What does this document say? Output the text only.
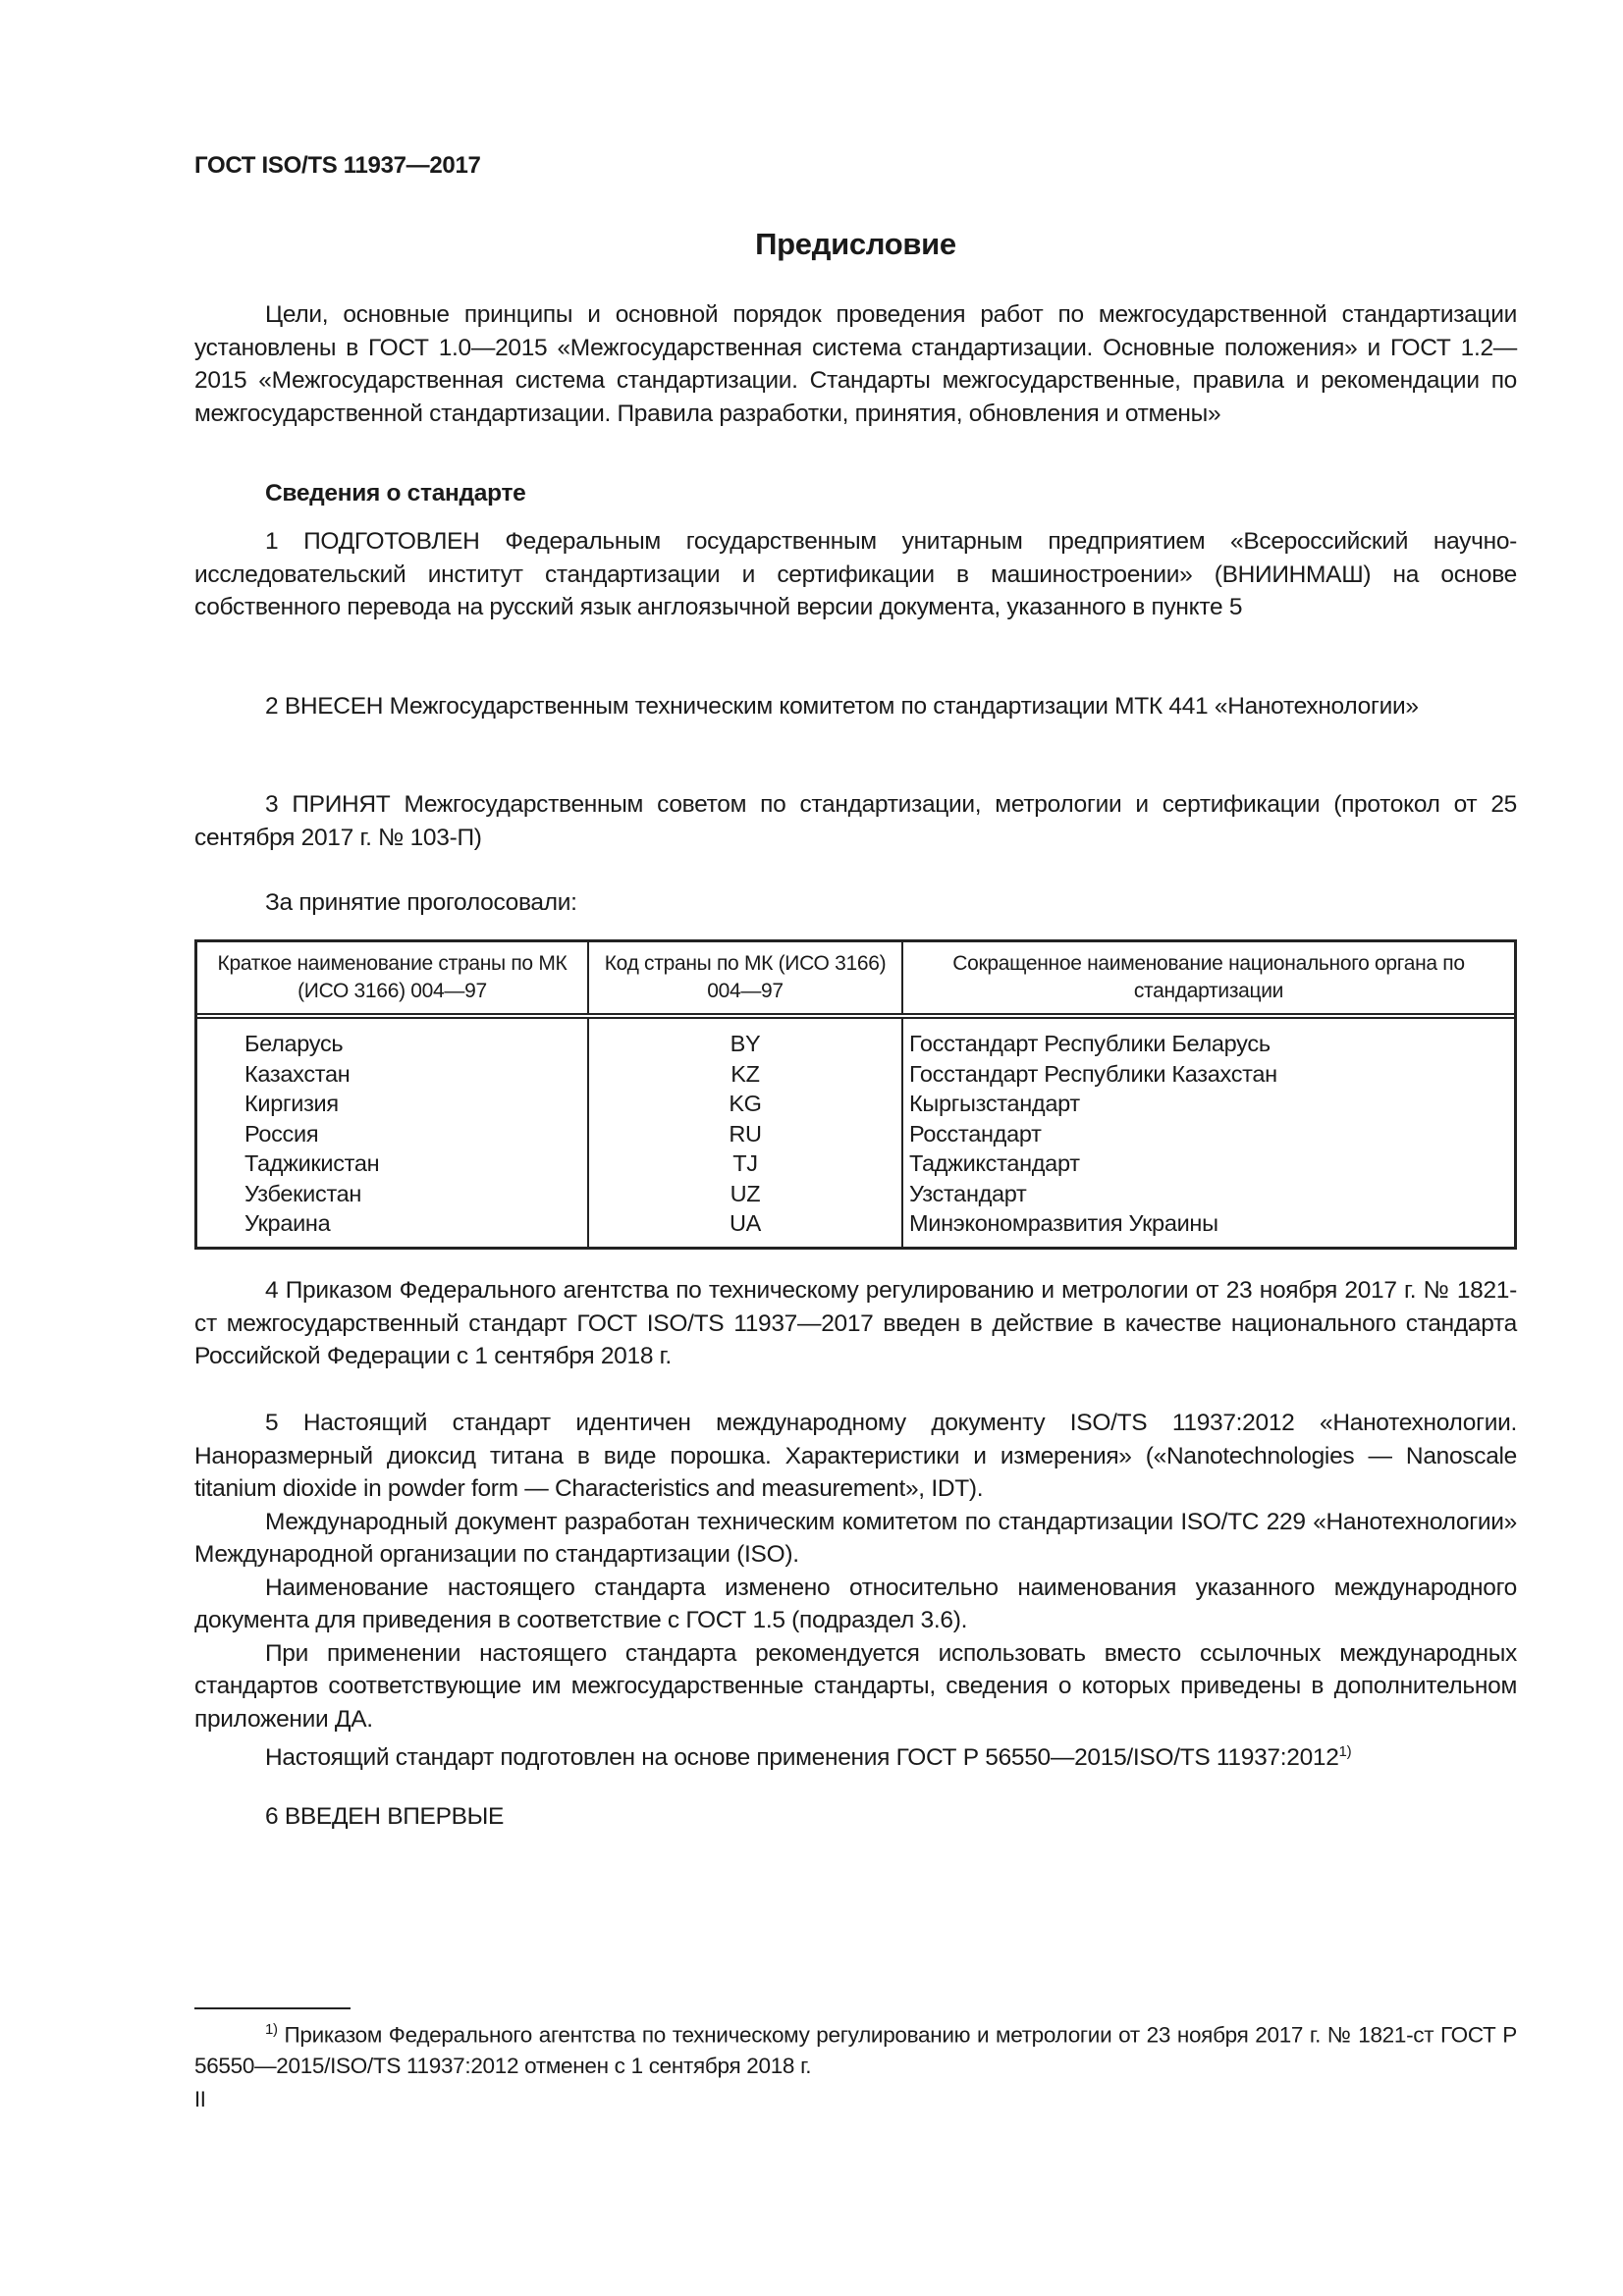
ГОСТ ISO/TS 11937—2017
Предисловие

Цели, основные принципы и основной порядок проведения работ по межгосударственной стандартизации установлены в ГОСТ 1.0—2015 «Межгосударственная система стандартизации. Основные положения» и ГОСТ 1.2—2015 «Межгосударственная система стандартизации. Стандарты межгосударственные, правила и рекомендации по межгосударственной стандартизации. Правила разработки, принятия, обновления и отмены»

Сведения о стандарте

1 ПОДГОТОВЛЕН Федеральным государственным унитарным предприятием «Всероссийский научно-исследовательский институт стандартизации и сертификации в машиностроении» (ВНИИНМАШ) на основе собственного перевода на русский язык англоязычной версии документа, указанного в пункте 5

2 ВНЕСЕН Межгосударственным техническим комитетом по стандартизации МТК 441 «Нанотехнологии»

3 ПРИНЯТ Межгосударственным советом по стандартизации, метрологии и сертификации (протокол от 25 сентября 2017 г. № 103-П)

За принятие проголосовали:

Краткое наименование страны по МК (ИСО 3166) 004—97	Код страны по МК (ИСО 3166) 004—97	Сокращенное наименование национального органа по стандартизации
Беларусь	BY	Госстандарт Республики Беларусь
Казахстан	KZ	Госстандарт Республики Казахстан
Киргизия	KG	Кыргызстандарт
Россия	RU	Росстандарт
Таджикистан	TJ	Таджикстандарт
Узбекистан	UZ	Узстандарт
Украина	UA	Минэкономразвития Украины

4 Приказом Федерального агентства по техническому регулированию и метрологии от 23 ноября 2017 г. № 1821-ст межгосударственный стандарт ГОСТ ISO/TS 11937—2017 введен в действие в качестве национального стандарта Российской Федерации с 1 сентября 2018 г.

5 Настоящий стандарт идентичен международному документу ISO/TS 11937:2012 «Нанотехнологии. Наноразмерный диоксид титана в виде порошка. Характеристики и измерения» («Nanotechnologies — Nanoscale titanium dioxide in powder form — Characteristics and measurement», IDT).

Международный документ разработан техническим комитетом по стандартизации ISO/TC 229 «Нанотехнологии» Международной организации по стандартизации (ISO).

Наименование настоящего стандарта изменено относительно наименования указанного международного документа для приведения в соответствие с ГОСТ 1.5 (подраздел 3.6).

При применении настоящего стандарта рекомендуется использовать вместо ссылочных международных стандартов соответствующие им межгосударственные стандарты, сведения о которых приведены в дополнительном приложении ДА.

Настоящий стандарт подготовлен на основе применения ГОСТ Р 56550—2015/ISO/TS 11937:2012$^{1)}$

6 ВВЕДЕН ВПЕРВЫЕ

$^{1)}$ Приказом Федерального агентства по техническому регулированию и метрологии от 23 ноября 2017 г. № 1821-ст ГОСТ Р 56550—2015/ISO/TS 11937:2012 отменен с 1 сентября 2018 г.

II
